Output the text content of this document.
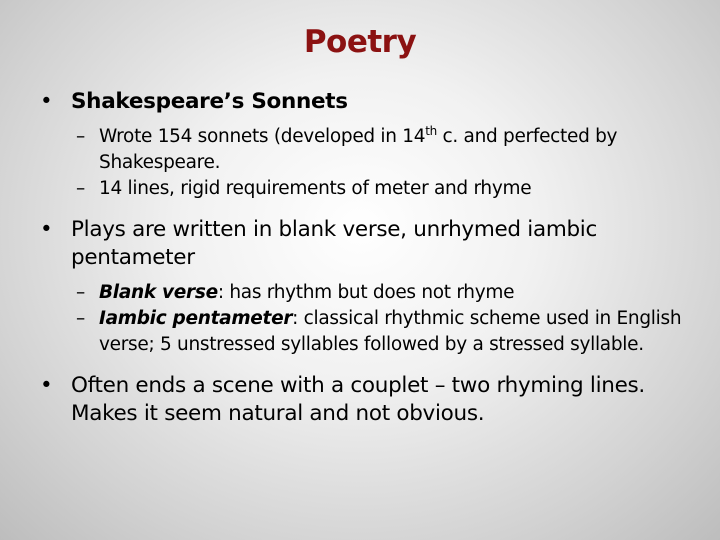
Poetry
• Shakespeare’s Sonnets
– Wrote 154 sonnets (developed in 14th c. and perfected by Shakespeare.
– 14 lines, rigid requirements of meter and rhyme
• Plays are written in blank verse, unrhymed iambic pentameter
– Blank verse: has rhythm but does not rhyme
– Iambic pentameter: classical rhythmic scheme used in English verse; 5 unstressed syllables followed by a stressed syllable.
• Often ends a scene with a couplet – two rhyming lines. Makes it seem natural and not obvious.
